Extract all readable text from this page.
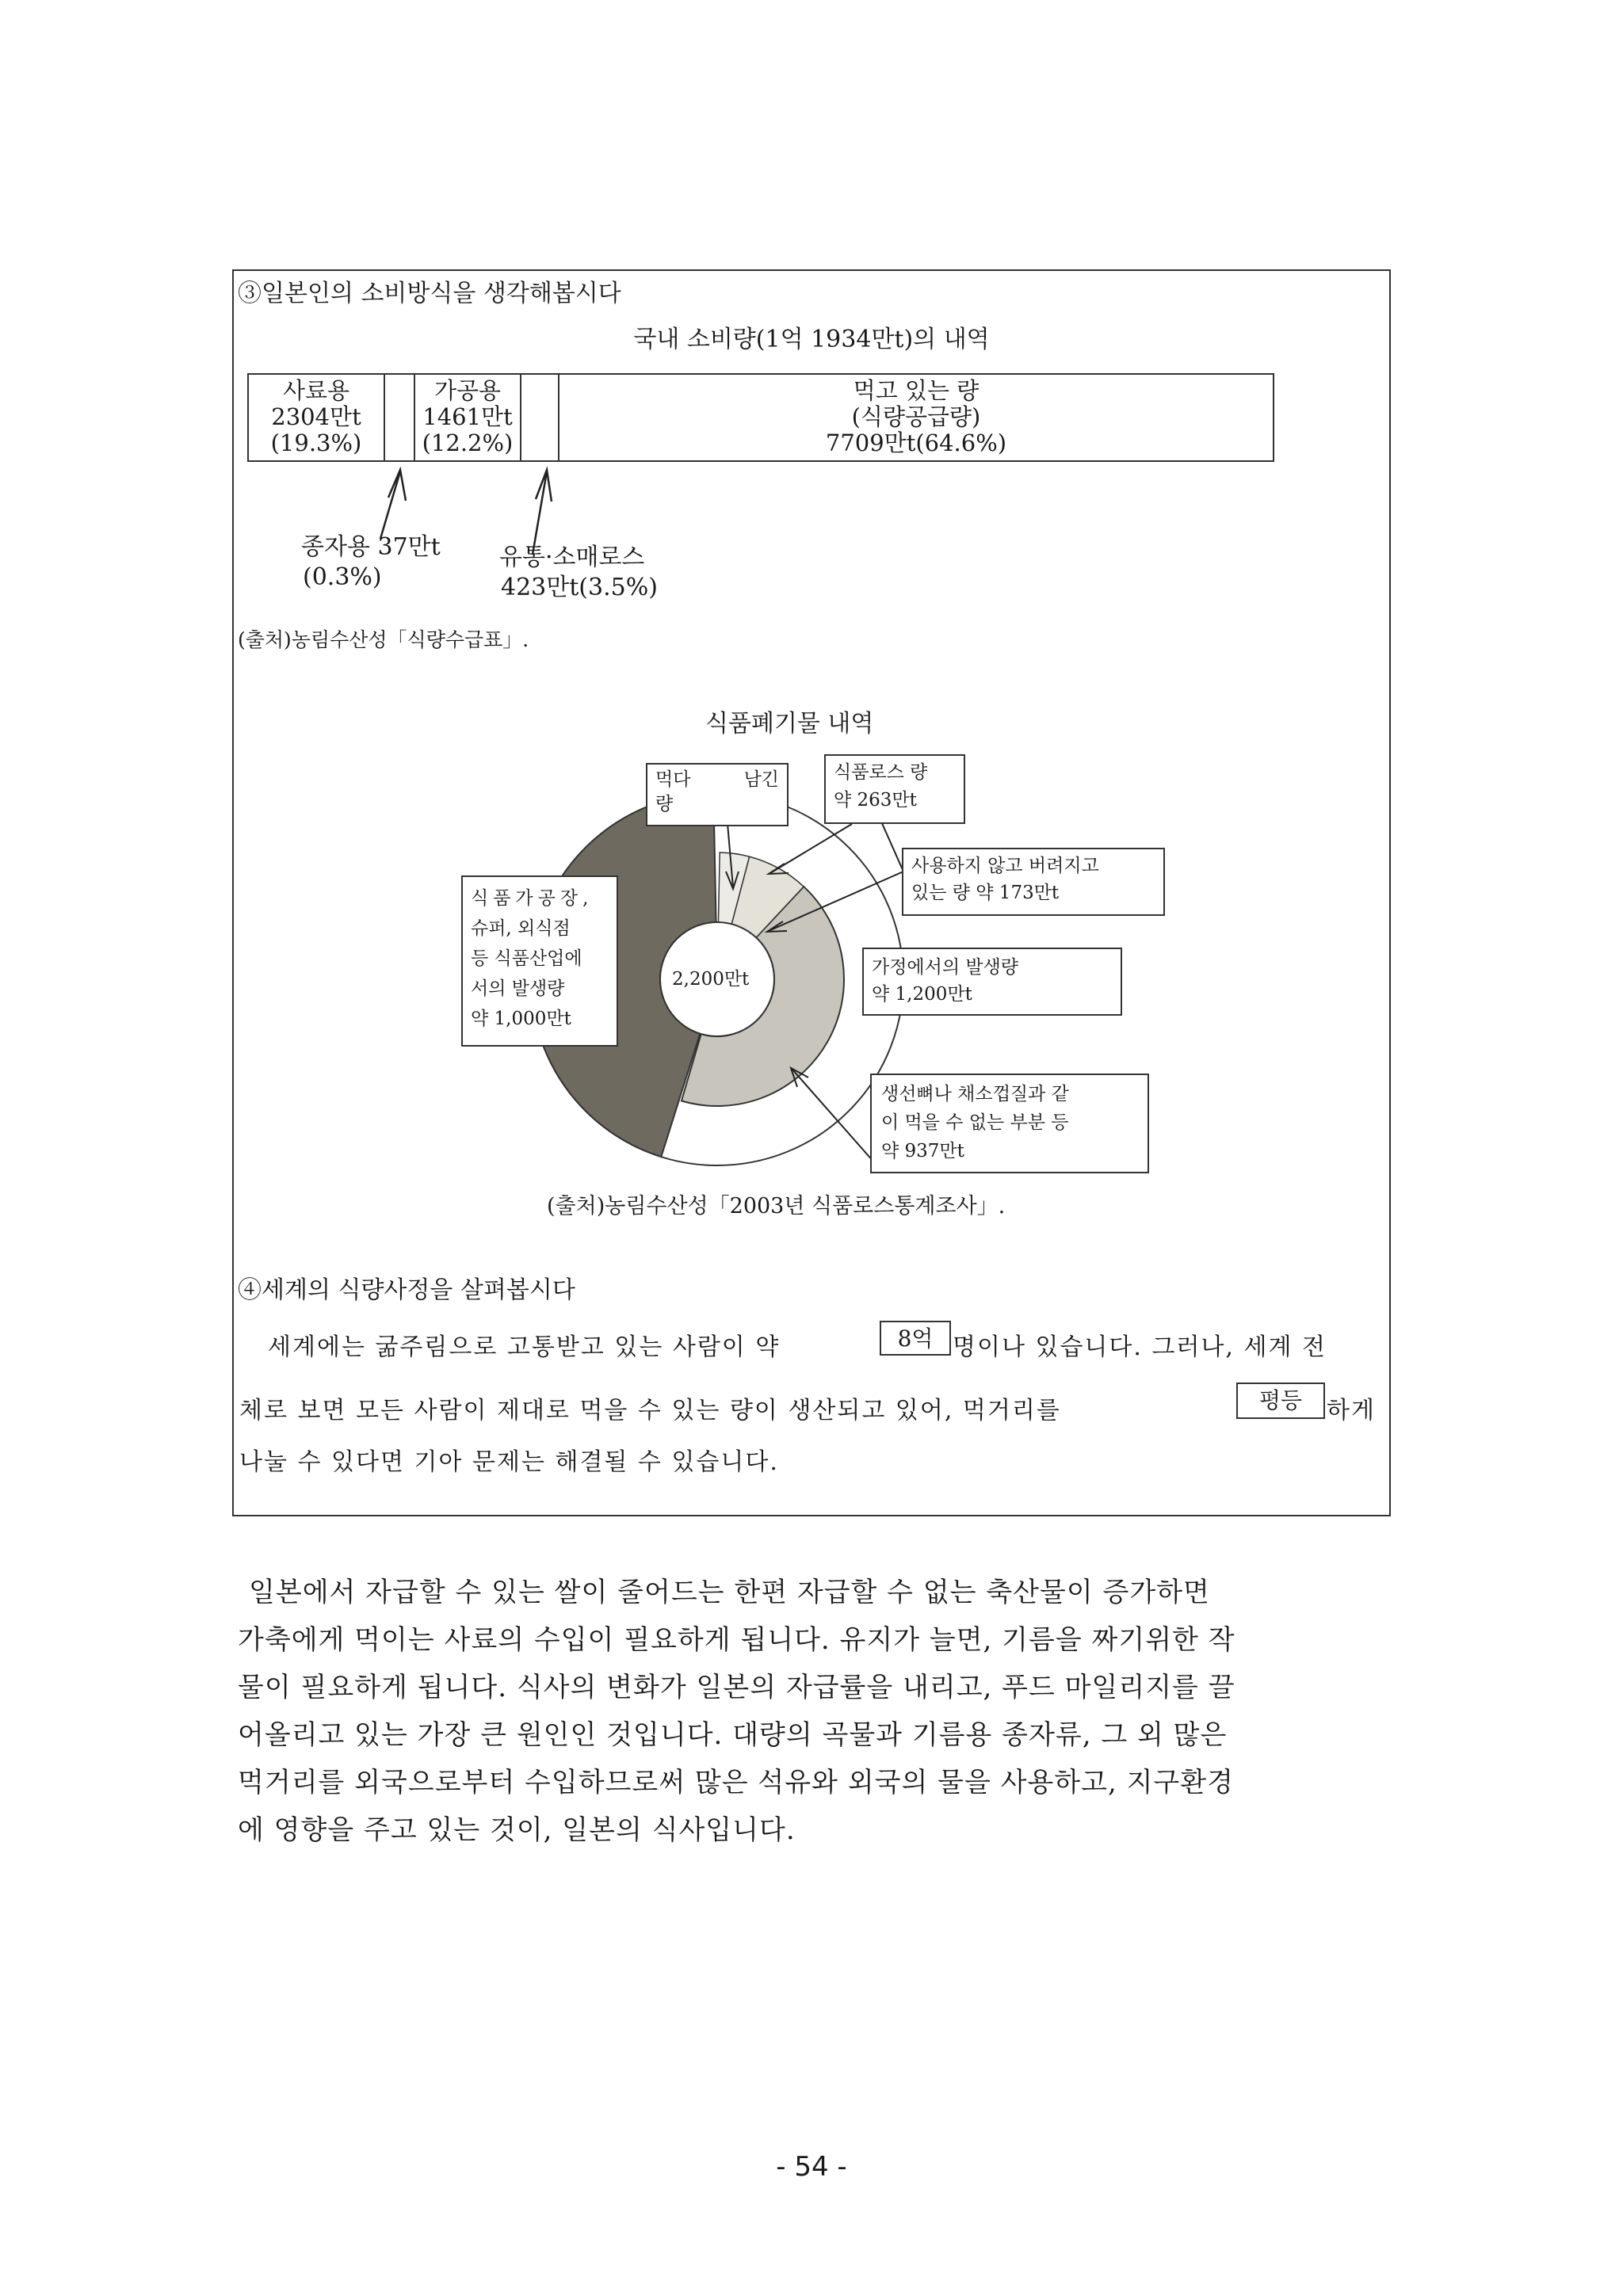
③일본인의 소비방식을 생각해봅시다
국내 소비량(1억 1934만t)의 내역
사료용
2304만t
(19.3%)
가공용
1461만t
(12.2%)
먹고 있는 량
(식량공급량)
7709만t(64.6%)
종자용 37만t
(0.3%)
유통·소매로스
423만t(3.5%)
(출처)농림수산성「식량수급표」.
식품폐기물 내역
2,200만t
먹다	남긴
량
식품로스 량
약 263만t
사용하지 않고 버려지고
있는 량 약 173만t
식품가공장,
슈퍼, 외식점
등 식품산업에
서의 발생량
약 1,000만t
가정에서의 발생량
약 1,200만t
생선뼈나 채소껍질과 같
이 먹을 수 없는 부분 등
약 937만t
(출처)농림수산성「2003년 식품로스통계조사」.
④세계의 식량사정을 살펴봅시다
세계에는 굶주림으로 고통받고 있는 사람이 약	8억 명이나 있습니다. 그러나, 세계 전
체로 보면 모든 사람이 제대로 먹을 수 있는 량이 생산되고 있어, 먹거리를	평등	하게
나눌 수 있다면 기아 문제는 해결될 수 있습니다.
일본에서 자급할 수 있는 쌀이 줄어드는 한편 자급할 수 없는 축산물이 증가하면
가축에게 먹이는 사료의 수입이 필요하게 됩니다. 유지가 늘면, 기름을 짜기위한 작
물이 필요하게 됩니다. 식사의 변화가 일본의 자급률을 내리고, 푸드 마일리지를 끌
어올리고 있는 가장 큰 원인인 것입니다. 대량의 곡물과 기름용 종자류, 그 외 많은
먹거리를 외국으로부터 수입하므로써 많은 석유와 외국의 물을 사용하고, 지구환경
에 영향을 주고 있는 것이, 일본의 식사입니다.
- 54 -
